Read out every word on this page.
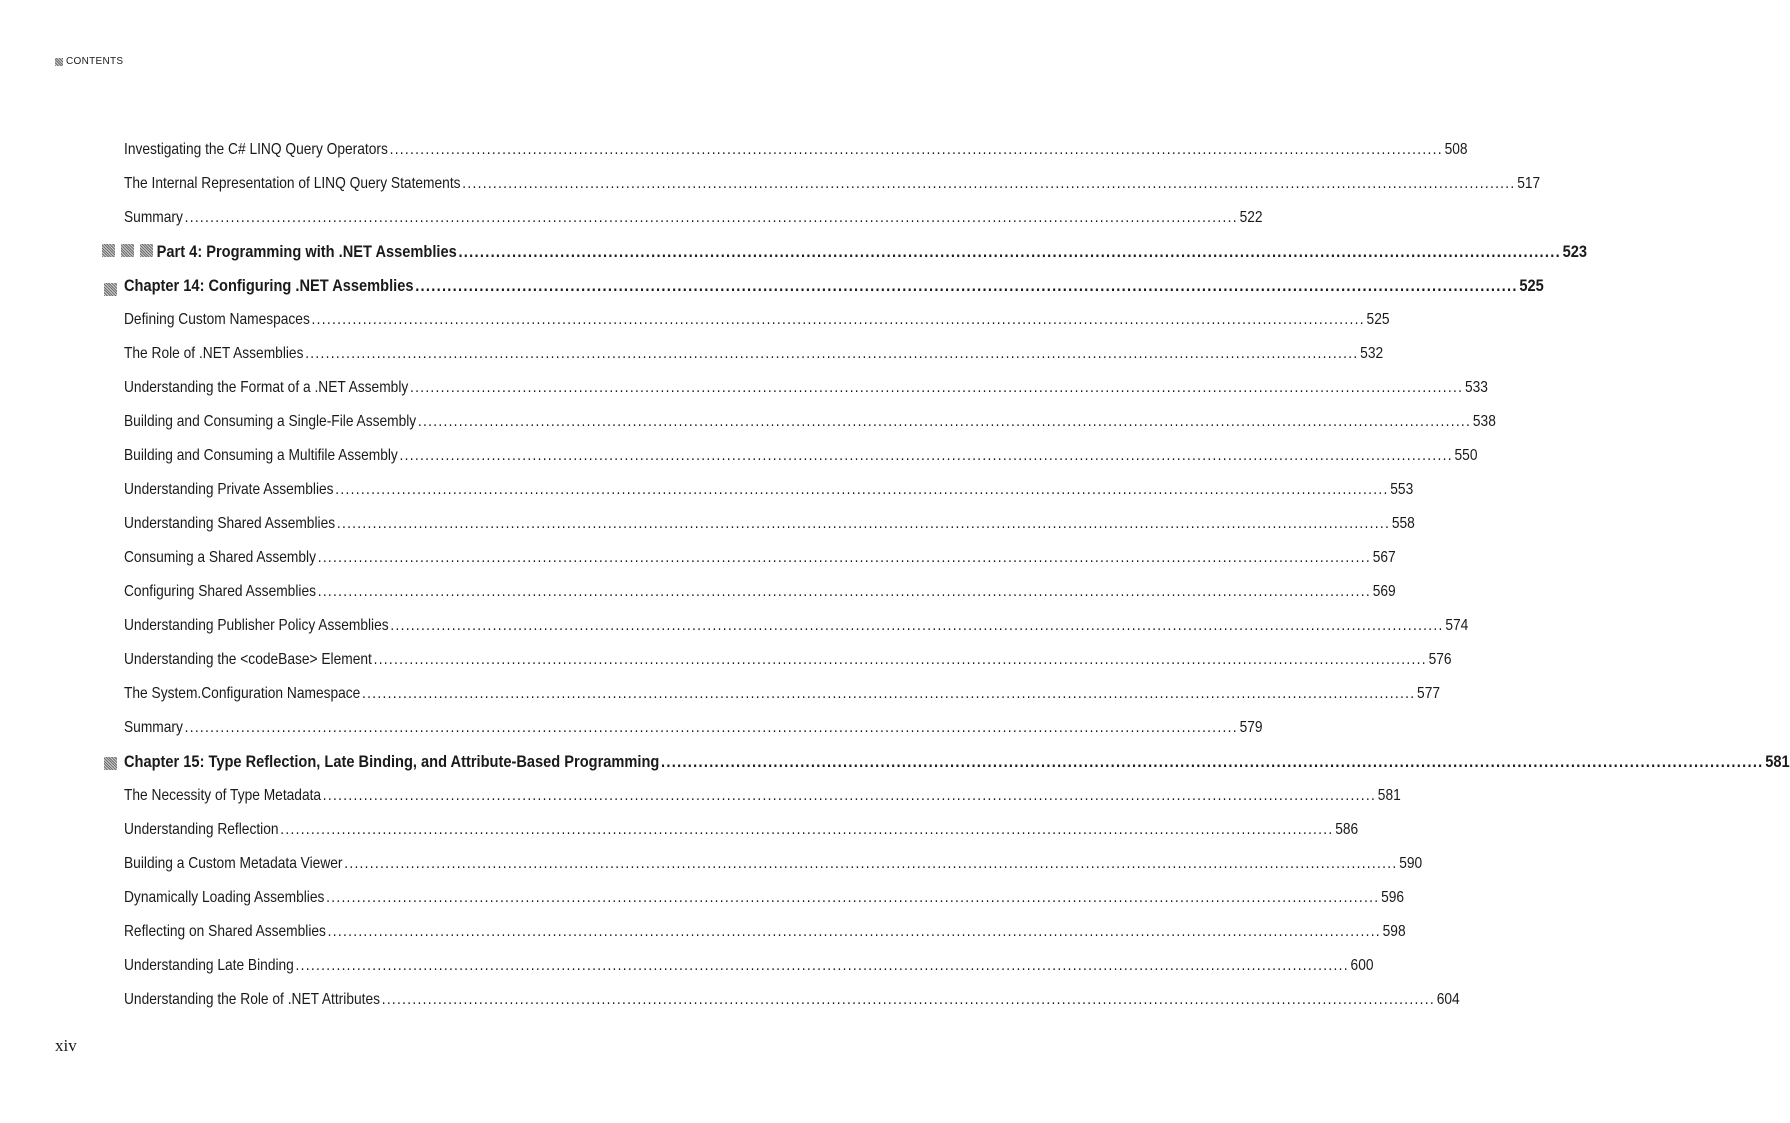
CONTENTS
Investigating the C# LINQ Query Operators .............................................................................................................................................................................................................. 508
The Internal Representation of LINQ Query Statements .............................................................................................................................................................................................................. 517
Summary .............................................................................................................................................................................................................. 522
Part 4: Programming with .NET Assemblies .............................................................................................................................................................................................................. 523
Chapter 14: Configuring .NET Assemblies .............................................................................................................................................................................................................. 525
Defining Custom Namespaces .............................................................................................................................................................................................................. 525
The Role of .NET Assemblies .............................................................................................................................................................................................................. 532
Understanding the Format of a .NET Assembly .............................................................................................................................................................................................................. 533
Building and Consuming a Single-File Assembly .............................................................................................................................................................................................................. 538
Building and Consuming a Multifile Assembly .............................................................................................................................................................................................................. 550
Understanding Private Assemblies .............................................................................................................................................................................................................. 553
Understanding Shared Assemblies .............................................................................................................................................................................................................. 558
Consuming a Shared Assembly .............................................................................................................................................................................................................. 567
Configuring Shared Assemblies .............................................................................................................................................................................................................. 569
Understanding Publisher Policy Assemblies .............................................................................................................................................................................................................. 574
Understanding the <codeBase> Element .............................................................................................................................................................................................................. 576
The System.Configuration Namespace .............................................................................................................................................................................................................. 577
Summary .............................................................................................................................................................................................................. 579
Chapter 15: Type Reflection, Late Binding, and Attribute-Based Programming .............................................................................................................................................................................................................. 581
The Necessity of Type Metadata .............................................................................................................................................................................................................. 581
Understanding Reflection .............................................................................................................................................................................................................. 586
Building a Custom Metadata Viewer .............................................................................................................................................................................................................. 590
Dynamically Loading Assemblies .............................................................................................................................................................................................................. 596
Reflecting on Shared Assemblies .............................................................................................................................................................................................................. 598
Understanding Late Binding .............................................................................................................................................................................................................. 600
Understanding the Role of .NET Attributes .............................................................................................................................................................................................................. 604
xiv
